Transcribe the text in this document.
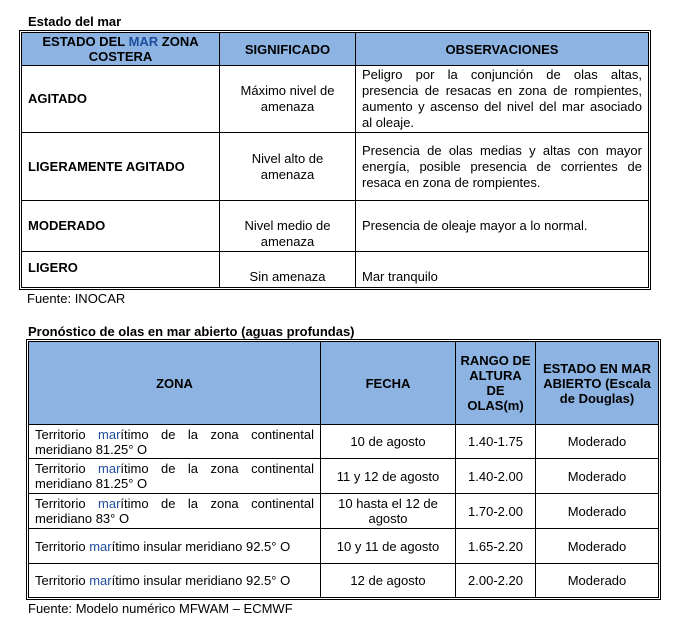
Estado del mar
ESTADO DEL MAR ZONA COSTERA	SIGNIFICADO	OBSERVACIONES
AGITADO	Máximo nivel de amenaza	Peligro por la conjunción de olas altas, presencia de resacas en zona de rompientes, aumento y ascenso del nivel del mar asociado al oleaje.
LIGERAMENTE AGITADO	Nivel alto de amenaza	Presencia de olas medias y altas con mayor energía, posible presencia de corrientes de resaca en zona de rompientes.
MODERADO	Nivel medio de amenaza	Presencia de oleaje mayor a lo normal.
LIGERO	Sin amenaza	Mar tranquilo
Fuente: INOCAR
Pronóstico de olas en mar abierto (aguas profundas)
ZONA	FECHA	RANGO DE ALTURA DE OLAS(m)	ESTADO EN MAR ABIERTO (Escala de Douglas)
Territorio marítimo de la zona continental meridiano 81.25° O	10 de agosto	1.40-1.75	Moderado
Territorio marítimo de la zona continental meridiano 81.25° O	11 y 12 de agosto	1.40-2.00	Moderado
Territorio marítimo de la zona continental meridiano 83° O	10 hasta el 12 de agosto	1.70-2.00	Moderado
Territorio marítimo insular meridiano 92.5° O	10 y 11 de agosto	1.65-2.20	Moderado
Territorio marítimo insular meridiano 92.5° O	12 de agosto	2.00-2.20	Moderado
Fuente: Modelo numérico MFWAM – ECMWF
